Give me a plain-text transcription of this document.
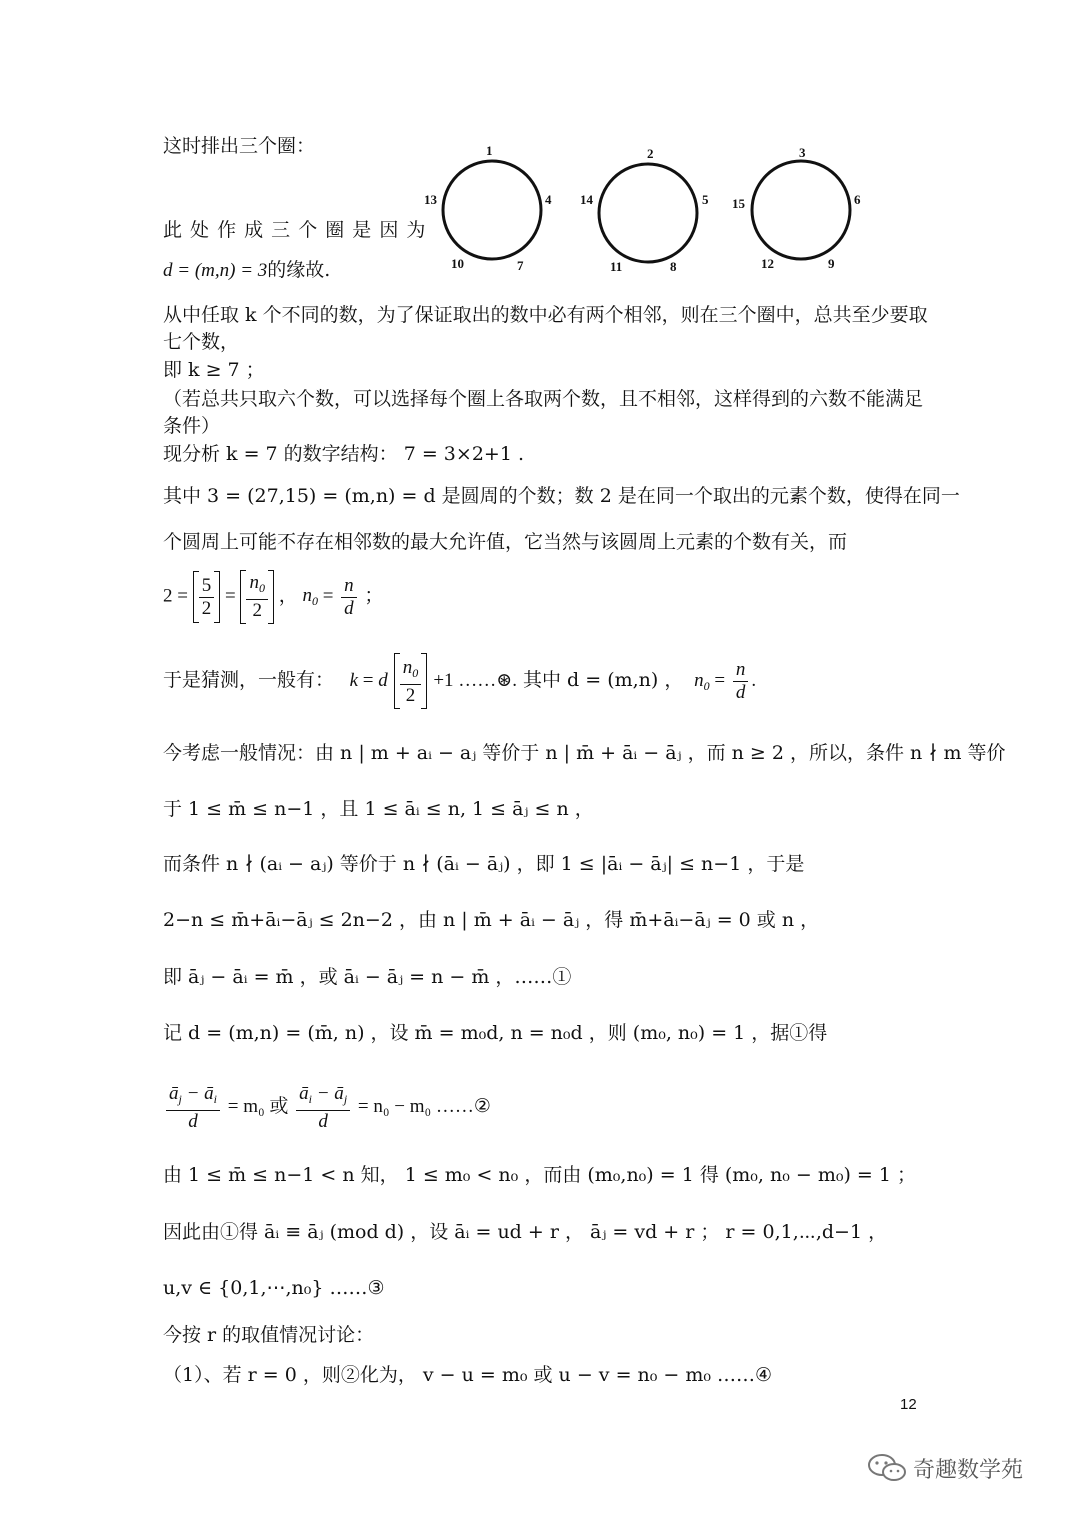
这时排出三个圈：	1
4
7
10
13
2
5
8
11
14
3
6
9
12
15
此 处 作 成 三 个 圈 是 因 为
d = (m,n) = 3的缘故.
从中任取 k 个不同的数，为了保证取出的数中必有两个相邻，则在三个圈中，总共至少要取
七个数，
即 k ≥ 7 ；
（若总共只取六个数，可以选择每个圈上各取两个数，且不相邻，这样得到的六数不能满足
条件）
现分析 k = 7 的数字结构： 7 = 3×2+1 .
其中 3 = (27,15) = (m,n) = d 是圆周的个数；数 2 是在同一个取出的元素个数，使得在同一
个圆周上可能不存在相邻数的最大允许值，它当然与该圆周上元素的个数有关，而
$2 = \frac{5}{2} = \frac{n_0}{2}$ ， $n_0 = \frac{n}{d}$ ；
于是猜测，一般有： k = d $\frac{n_0}{2} +1$ ……⊛. 其中 d = (m,n) ， $n_0 = \frac{n}{d}$ .
今考虑一般情况：由 n | m + aᵢ − aⱼ 等价于 n | m̄ + āᵢ − āⱼ ，而 n ≥ 2 ，所以，条件 n ∤ m 等价
于 1 ≤ m̄ ≤ n−1 ，且 1 ≤ āᵢ ≤ n, 1 ≤ āⱼ ≤ n ，
而条件 n ∤ (aᵢ − aⱼ) 等价于 n ∤ (āᵢ − āⱼ) ，即 1 ≤ |āᵢ − āⱼ| ≤ n−1 ，于是
2−n ≤ m̄+āᵢ−āⱼ ≤ 2n−2 ，由 n | m̄ + āᵢ − āⱼ ，得 m̄+āᵢ−āⱼ = 0 或 n ，
即 āⱼ − āᵢ = m̄ ，或 āᵢ − āⱼ = n − m̄ ，……①
记 d = (m,n) = (m̄, n) ，设 m̄ = m₀d, n = n₀d ，则 (m₀, n₀) = 1 ，据①得
$\frac{ā_j - ā_i}{d} = m_0$ 或 $\frac{ā_i - ā_j}{d} = n_0 - m_0$ ……②
由 1 ≤ m̄ ≤ n−1 < n 知， 1 ≤ m₀ < n₀ ，而由 (m₀,n₀) = 1 得 (m₀, n₀ − m₀) = 1 ；
因此由①得 āᵢ ≡ āⱼ (mod d) ，设 āᵢ = ud + r ， āⱼ = vd + r ； r = 0,1,⋯,d−1 ，
u,v ∈ {0,1,⋯,n₀} ……③
今按 r 的取值情况讨论：
（1）、若 r = 0 ，则②化为， v − u = m₀ 或 u − v = n₀ − m₀ ……④
12
奇趣数学苑
